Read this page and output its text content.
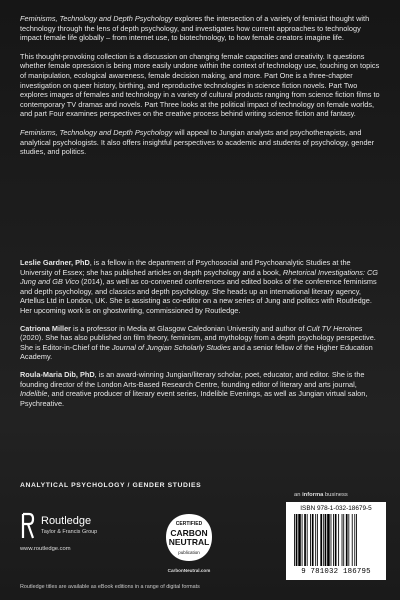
Feminisms, Technology and Depth Psychology explores the intersection of a variety of feminist thought with technology through the lens of depth psychology, and investigates how current approaches to technology impact female life globally – from internet use, to biotechnology, to how female creators imagine life.

This thought-provoking collection is a discussion on changing female capacities and creativity. It questions whether female opression is being more easily undone within the context of technology use, touching on topics of manipulation, ecological awareness, female decision making, and more. Part One is a three-chapter investigation on queer history, birthing, and reproductive technologies in science fiction novels. Part Two explores images of females and technology in a variety of cultural products ranging from science fiction films to contemporary TV dramas and novels. Part Three looks at the political impact of technology on female worlds, and part Four examines perspectives on the creative process behind writing science fiction and fantasy.

Feminisms, Technology and Depth Psychology will appeal to Jungian analysts and psychotherapists, and analytical psychologists. It also offers insightful perspectives to academic and students of psychology, gender studies, and politics.

Leslie Gardner, PhD, is a fellow in the department of Psychosocial and Psychoanalytic Studies at the University of Essex; she has published articles on depth psychology and a book, Rhetorical Investigations: CG Jung and GB Vico (2014), as well as co-convened conferences and edited books of the conference feminisms and depth psychology, and classics and depth psychology. She heads up an international literary agency, Artellus Ltd in London, UK. She is assisting as co-editor on a new series of Jung and politics with Routledge. Her upcoming work is on ghostwriting, commissioned by Routledge.

Catriona Miller is a professor in Media at Glasgow Caledonian University and author of Cult TV Heroines (2020). She has also published on film theory, feminism, and mythology from a depth psychology perspective. She is Editor-in-Chief of the Journal of Jungian Scholarly Studies and a senior fellow of the Higher Education Academy.

Roula-Maria Dib, PhD, is an award-winning Jungian/literary scholar, poet, educator, and editor. She is the founding director of the London Arts-Based Research Centre, founding editor of literary and arts journal, Indelible, and creative producer of literary event series, Indelible Evenings, as well as Jungian virtual salon, Psychreative.

ANALYTICAL PSYCHOLOGY / GENDER STUDIES
Routledge
Taylor & Francis Group
www.routledge.com
CERTIFIED
CARBON
NEUTRAL
publication
CarbonNeutral.com
an informa business
ISBN 978-1-032-18679-5
9 781032 186795
Routledge titles are available as eBook editions in a range of digital formats
